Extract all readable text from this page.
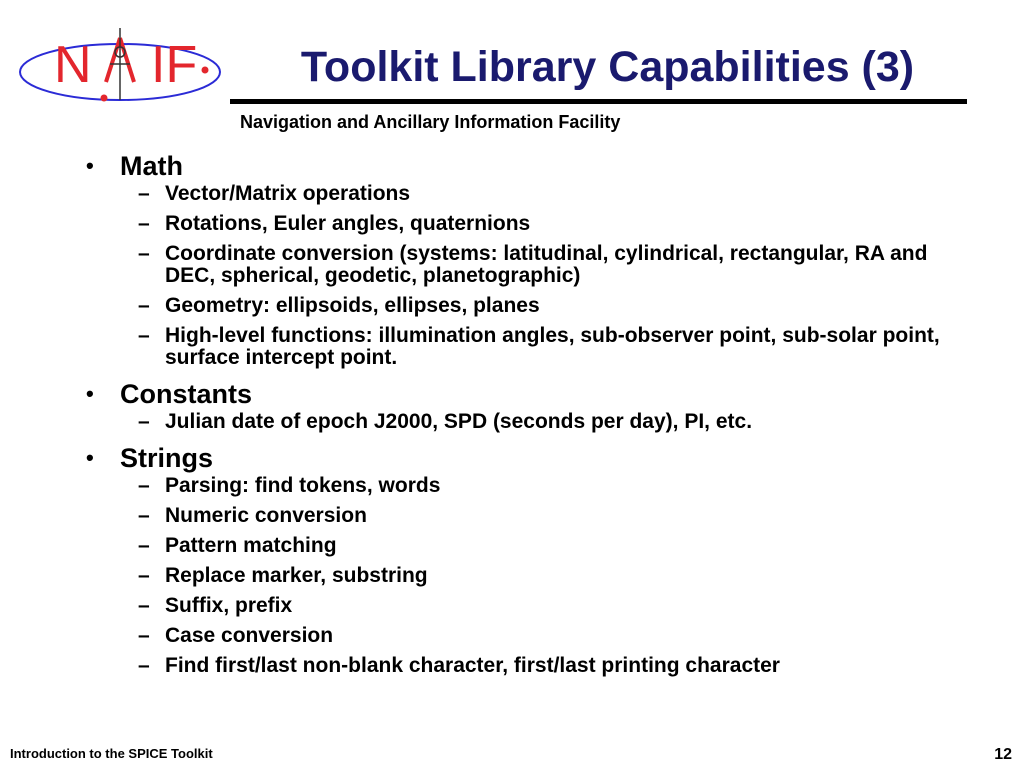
N IF	Toolkit Library Capabilities (3)
Navigation and Ancillary Information Facility
• Math
– Vector/Matrix operations
– Rotations, Euler angles, quaternions
– Coordinate conversion (systems: latitudinal, cylindrical, rectangular, RA and DEC, spherical, geodetic, planetographic)
– Geometry: ellipsoids, ellipses, planes
– High-level functions: illumination angles, sub-observer point, sub-solar point, surface intercept point.
• Constants
– Julian date of epoch J2000, SPD (seconds per day), PI, etc.
• Strings
– Parsing: find tokens, words
– Numeric conversion
– Pattern matching
– Replace marker, substring
– Suffix, prefix
– Case conversion
– Find first/last non-blank character, first/last printing character
Introduction to the SPICE Toolkit	12
